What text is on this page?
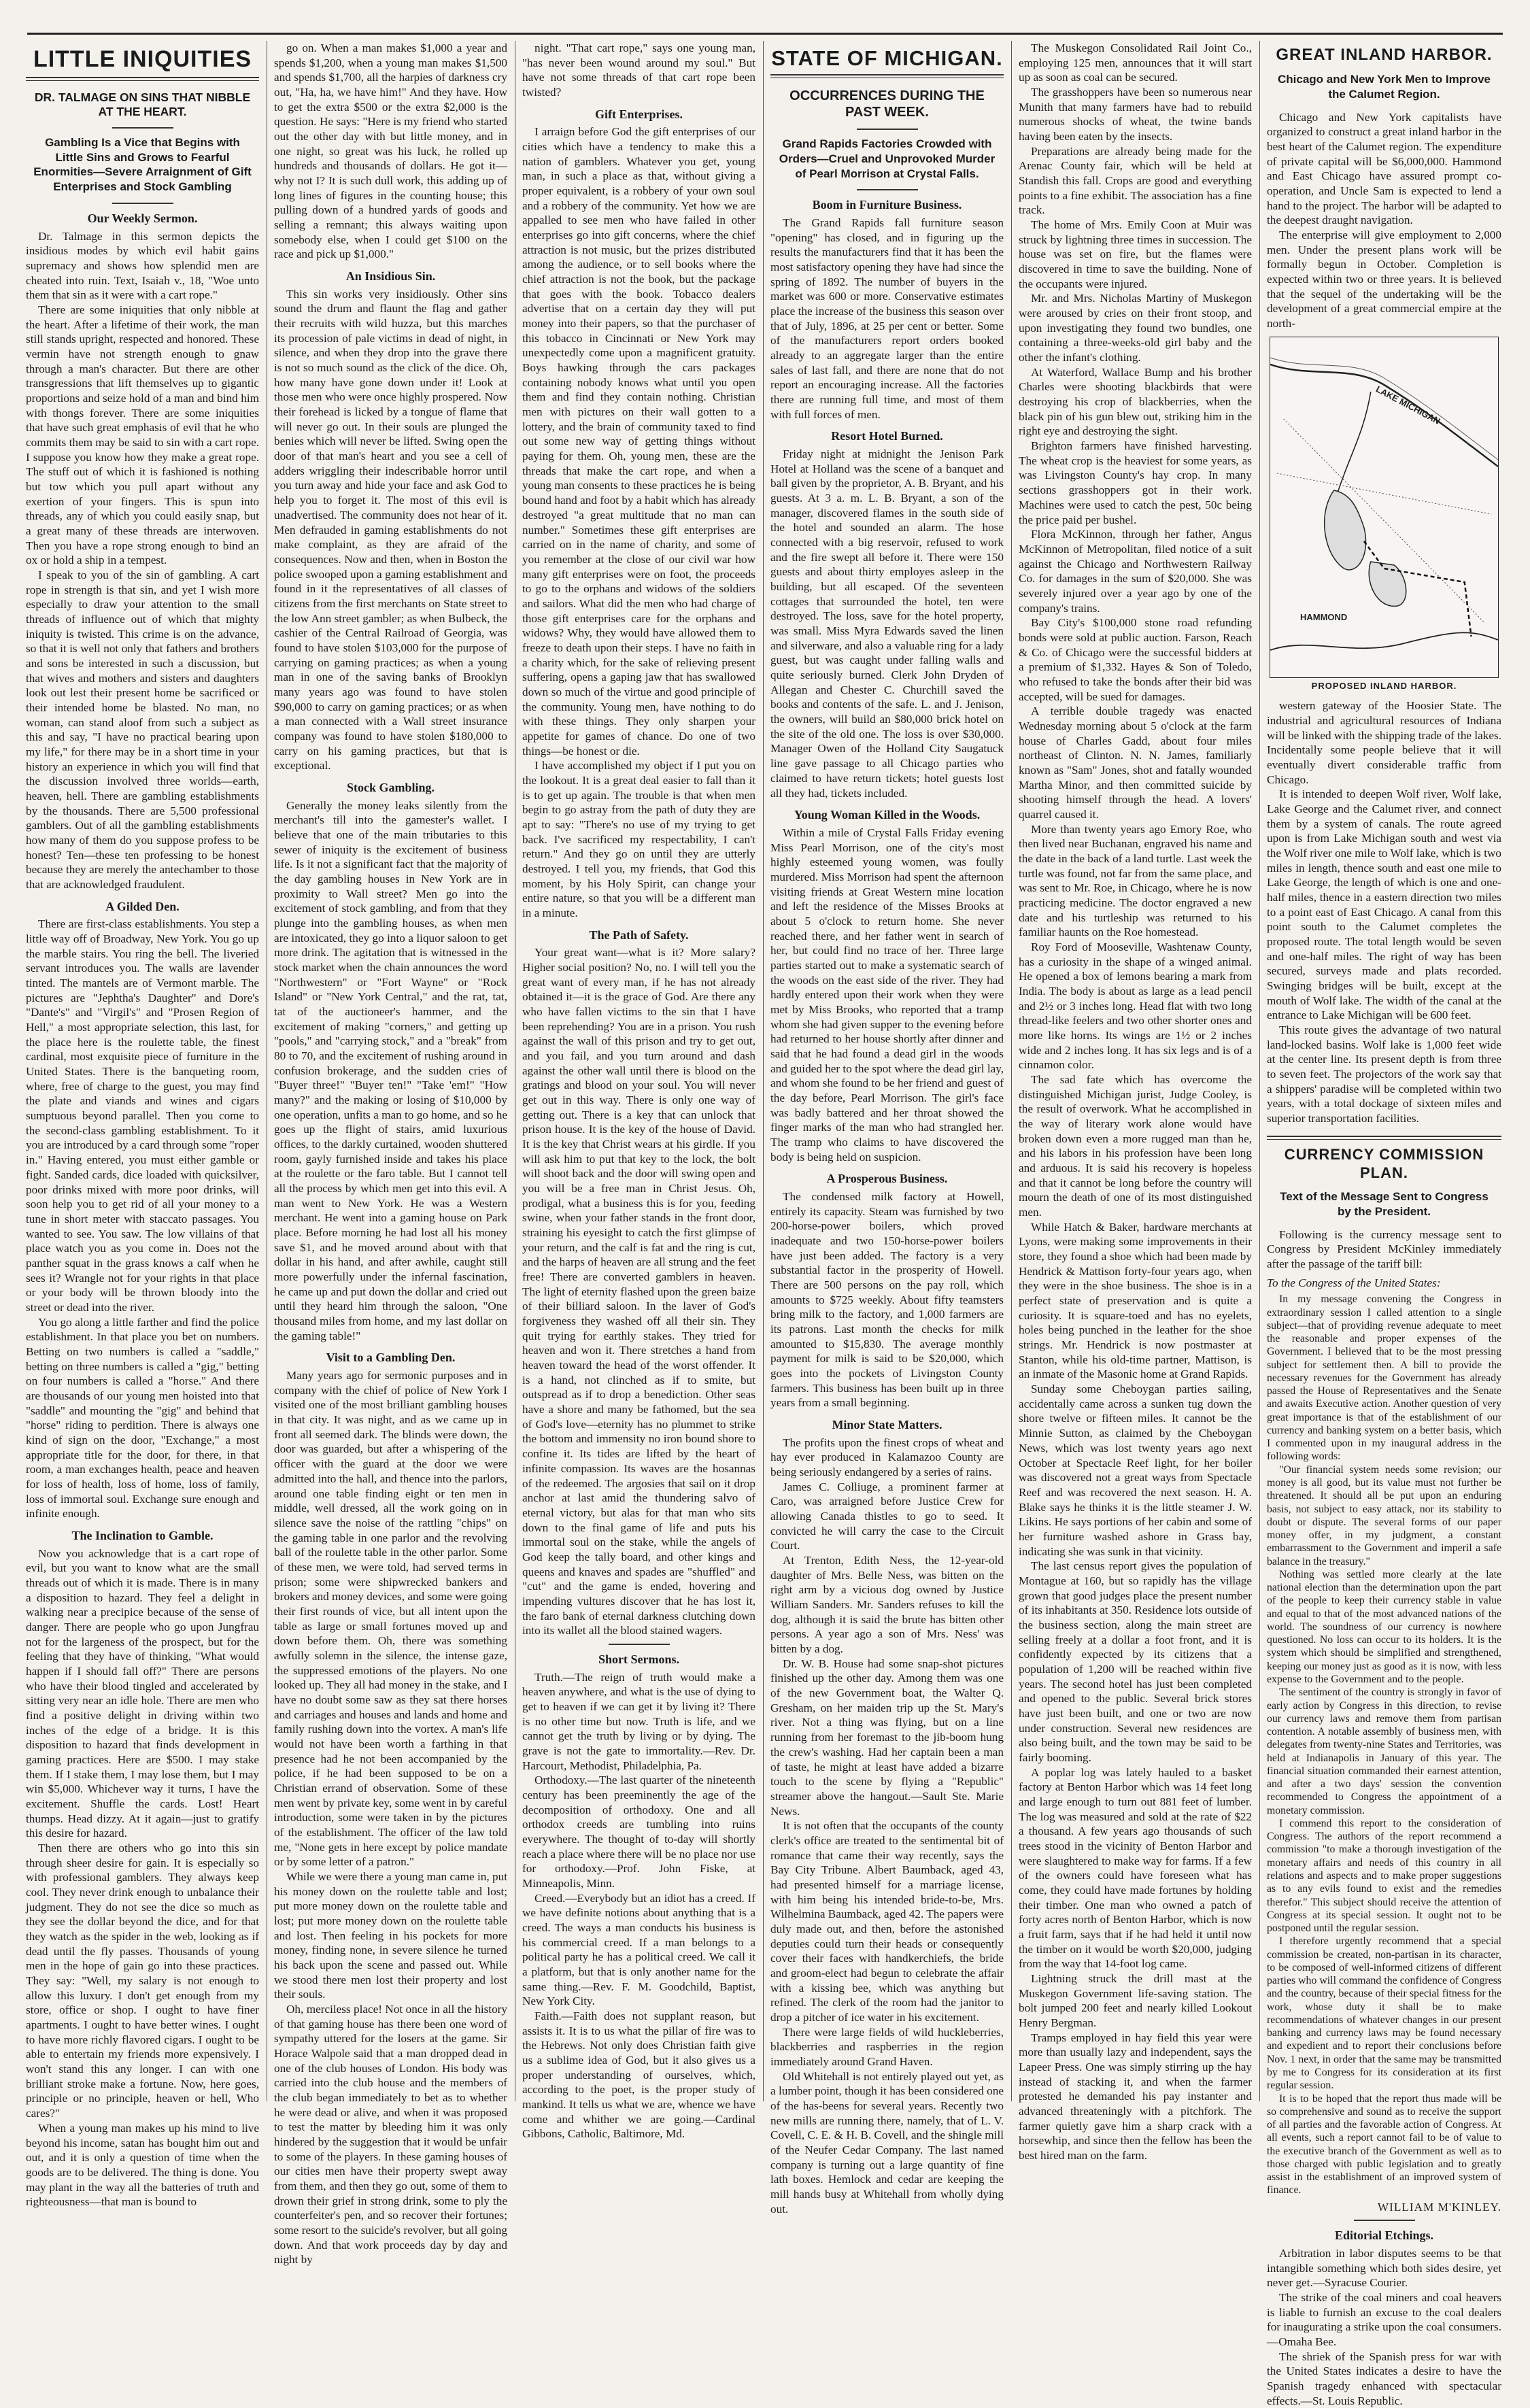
LITTLE INIQUITIES
DR. TALMAGE ON SINS THAT NIBBLE AT THE HEART.
Gambling Is a Vice that Begins with Little Sins and Grows to Fearful Enormities—Severe Arraignment of Gift Enterprises and Stock Gambling
Our Weekly Sermon.

Dr. Talmage in this sermon depicts the insidious modes by which evil habit gains supremacy and shows how splendid men are cheated into ruin. Text, Isaiah v., 18, "Woe unto them that sin as it were with a cart rope."

There are some iniquities that only nibble at the heart. After a lifetime of their work, the man still stands upright, respected and honored. These vermin have not strength enough to gnaw through a man's character. But there are other transgressions that lift themselves up to gigantic proportions and seize hold of a man and bind him with thongs forever. There are some iniquities that have such great emphasis of evil that he who commits them may be said to sin with a cart rope. I suppose you know how they make a great rope. The stuff out of which it is fashioned is nothing but tow which you pull apart without any exertion of your fingers. This is spun into threads, any of which you could easily snap, but a great many of these threads are interwoven. Then you have a rope strong enough to bind an ox or hold a ship in a tempest.

I speak to you of the sin of gambling. A cart rope in strength is that sin, and yet I wish more especially to draw your attention to the small threads of influence out of which that mighty iniquity is twisted. This crime is on the advance, so that it is well not only that fathers and brothers and sons be interested in such a discussion, but that wives and mothers and sisters and daughters look out lest their present home be sacrificed or their intended home be blasted. No man, no woman, can stand aloof from such a subject as this and say, "I have no practical bearing upon my life," for there may be in a short time in your history an experience in which you will find that the discussion involved three worlds—earth, heaven, hell. There are gambling establishments by the thousands. There are 5,500 professional gamblers. Out of all the gambling establishments how many of them do you suppose profess to be honest? Ten—these ten professing to be honest because they are merely the antechamber to those that are acknowledged fraudulent.

A Gilded Den.

There are first-class establishments. You step a little way off of Broadway, New York. You go up the marble stairs. You ring the bell. The liveried servant introduces you. The walls are lavender tinted. The mantels are of Vermont marble. The pictures are "Jephtha's Daughter" and Dore's "Dante's" and "Virgil's" and "Prosen Region of Hell," a most appropriate selection, this last, for the place here is the roulette table, the finest cardinal, most exquisite piece of furniture in the United States. There is the banqueting room, where, free of charge to the guest, you may find the plate and viands and wines and cigars sumptuous beyond parallel. Then you come to the second-class gambling establishment. To it you are introduced by a card through some "roper in." Having entered, you must either gamble or fight. Sanded cards, dice loaded with quicksilver, poor drinks mixed with more poor drinks, will soon help you to get rid of all your money to a tune in short meter with staccato passages. You wanted to see. You saw. The low villains of that place watch you as you come in. Does not the panther squat in the grass knows a calf when he sees it? Wrangle not for your rights in that place or your body will be thrown bloody into the street or dead into the river.

You go along a little farther and find the police establishment. In that place you bet on numbers. Betting on two numbers is called a "saddle," betting on three numbers is called a "gig," betting on four numbers is called a "horse." And there are thousands of our young men hoisted into that "saddle" and mounting the "gig" and behind that "horse" riding to perdition. There is always one kind of sign on the door, "Exchange," a most appropriate title for the door, for there, in that room, a man exchanges health, peace and heaven for loss of health, loss of home, loss of family, loss of immortal soul. Exchange sure enough and infinite enough.

The Inclination to Gamble.

Now you acknowledge that is a cart rope of evil, but you want to know what are the small threads out of which it is made. There is in many a disposition to hazard. They feel a delight in walking near a precipice because of the sense of danger. There are people who go upon Jungfrau not for the largeness of the prospect, but for the feeling that they have of thinking, "What would happen if I should fall off?" There are persons who have their blood tingled and accelerated by sitting very near an idle hole. There are men who find a positive delight in driving within two inches of the edge of a bridge. It is this disposition to hazard that finds development in gaming practices. Here are $500. I may stake them. If I stake them, I may lose them, but I may win $5,000. Whichever way it turns, I have the excitement. Shuffle the cards. Lost! Heart thumps. Head dizzy. At it again—just to gratify this desire for hazard.

Then there are others who go into this sin through sheer desire for gain. It is especially so with professional gamblers. They always keep cool. They never drink enough to unbalance their judgment. They do not see the dice so much as they see the dollar beyond the dice, and for that they watch as the spider in the web, looking as if dead until the fly passes. Thousands of young men in the hope of gain go into these practices. They say: "Well, my salary is not enough to allow this luxury. I don't get enough from my store, office or shop. I ought to have finer apartments. I ought to have better wines. I ought to have more richly flavored cigars. I ought to be able to entertain my friends more expensively. I won't stand this any longer. I can with one brilliant stroke make a fortune. Now, here goes, principle or no principle, heaven or hell, Who cares?"

When a young man makes up his mind to live beyond his income, satan has bought him out and out, and it is only a question of time when the goods are to be delivered. The thing is done. You may plant in the way all the batteries of truth and righteousness—that man is bound to

go on. When a man makes $1,000 a year and spends $1,200, when a young man makes $1,500 and spends $1,700, all the harpies of darkness cry out, "Ha, ha, we have him!" And they have. How to get the extra $500 or the extra $2,000 is the question. He says: "Here is my friend who started out the other day with but little money, and in one night, so great was his luck, he rolled up hundreds and thousands of dollars. He got it—why not I? It is such dull work, this adding up of long lines of figures in the counting house; this pulling down of a hundred yards of goods and selling a remnant; this always waiting upon somebody else, when I could get $100 on the race and pick up $1,000."

An Insidious Sin.

This sin works very insidiously. Other sins sound the drum and flaunt the flag and gather their recruits with wild huzza, but this marches its procession of pale victims in dead of night, in silence, and when they drop into the grave there is not so much sound as the click of the dice. Oh, how many have gone down under it! Look at those men who were once highly prospered. Now their forehead is licked by a tongue of flame that will never go out. In their souls are plunged the benies which will never be lifted. Swing open the door of that man's heart and you see a cell of adders wriggling their indescribable horror until you turn away and hide your face and ask God to help you to forget it. The most of this evil is unadvertised. The community does not hear of it. Men defrauded in gaming establishments do not make complaint, as they are afraid of the consequences. Now and then, when in Boston the police swooped upon a gaming establishment and found in it the representatives of all classes of citizens from the first merchants on State street to the low Ann street gambler; as when Bulbeck, the cashier of the Central Railroad of Georgia, was found to have stolen $103,000 for the purpose of carrying on gaming practices; as when a young man in one of the saving banks of Brooklyn many years ago was found to have stolen $90,000 to carry on gaming practices; or as when a man connected with a Wall street insurance company was found to have stolen $180,000 to carry on his gaming practices, but that is exceptional.

Stock Gambling.

Generally the money leaks silently from the merchant's till into the gamester's wallet. I believe that one of the main tributaries to this sewer of iniquity is the excitement of business life. Is it not a significant fact that the majority of the day gambling houses in New York are in proximity to Wall street? Men go into the excitement of stock gambling, and from that they plunge into the gambling houses, as when men are intoxicated, they go into a liquor saloon to get more drink. The agitation that is witnessed in the stock market when the chain announces the word "Northwestern" or "Fort Wayne" or "Rock Island" or "New York Central," and the rat, tat, tat of the auctioneer's hammer, and the excitement of making "corners," and getting up "pools," and "carrying stock," and a "break" from 80 to 70, and the excitement of rushing around in confusion brokerage, and the sudden cries of "Buyer three!" "Buyer ten!" "Take 'em!" "How many?" and the making or losing of $10,000 by one operation, unfits a man to go home, and so he goes up the flight of stairs, amid luxurious offices, to the darkly curtained, wooden shuttered room, gayly furnished inside and takes his place at the roulette or the faro table. But I cannot tell all the process by which men get into this evil. A man went to New York. He was a Western merchant. He went into a gaming house on Park place. Before morning he had lost all his money save $1, and he moved around about with that dollar in his hand, and after awhile, caught still more powerfully under the infernal fascination, he came up and put down the dollar and cried out until they heard him through the saloon, "One thousand miles from home, and my last dollar on the gaming table!"

Visit to a Gambling Den.

Many years ago for sermonic purposes and in company with the chief of police of New York I visited one of the most brilliant gambling houses in that city. It was night, and as we came up in front all seemed dark. The blinds were down, the door was guarded, but after a whispering of the officer with the guard at the door we were admitted into the hall, and thence into the parlors, around one table finding eight or ten men in middle, well dressed, all the work going on in silence save the noise of the rattling "chips" on the gaming table in one parlor and the revolving ball of the roulette table in the other parlor. Some of these men, we were told, had served terms in prison; some were shipwrecked bankers and brokers and money devices, and some were going their first rounds of vice, but all intent upon the table as large or small fortunes moved up and down before them. Oh, there was something awfully solemn in the silence, the intense gaze, the suppressed emotions of the players. No one looked up. They all had money in the stake, and I have no doubt some saw as they sat there horses and carriages and houses and lands and home and family rushing down into the vortex. A man's life would not have been worth a farthing in that presence had he not been accompanied by the police, if he had been supposed to be on a Christian errand of observation. Some of these men went by private key, some went in by careful introduction, some were taken in by the pictures of the establishment. The officer of the law told me, "None gets in here except by police mandate or by some letter of a patron."

While we were there a young man came in, put his money down on the roulette table and lost; put more money down on the roulette table and lost; put more money down on the roulette table and lost. Then feeling in his pockets for more money, finding none, in severe silence he turned his back upon the scene and passed out. While we stood there men lost their property and lost their souls.

Oh, merciless place! Not once in all the history of that gaming house has there been one word of sympathy uttered for the losers at the game. Sir Horace Walpole said that a man dropped dead in one of the club houses of London. His body was carried into the club house and the members of the club began immediately to bet as to whether he were dead or alive, and when it was proposed to test the matter by bleeding him it was only hindered by the suggestion that it would be unfair to some of the players. In these gaming houses of our cities men have their property swept away from them, and then they go out, some of them to drown their grief in strong drink, some to ply the counterfeiter's pen, and so recover their fortunes; some resort to the suicide's revolver, but all going down. And that work proceeds day by day and night by

night. "That cart rope," says one young man, "has never been wound around my soul." But have not some threads of that cart rope been twisted?

Gift Enterprises.

I arraign before God the gift enterprises of our cities which have a tendency to make this a nation of gamblers. Whatever you get, young man, in such a place as that, without giving a proper equivalent, is a robbery of your own soul and a robbery of the community. Yet how we are appalled to see men who have failed in other enterprises go into gift concerns, where the chief attraction is not music, but the prizes distributed among the audience, or to sell books where the chief attraction is not the book, but the package that goes with the book. Tobacco dealers advertise that on a certain day they will put money into their papers, so that the purchaser of this tobacco in Cincinnati or New York may unexpectedly come upon a magnificent gratuity. Boys hawking through the cars packages containing nobody knows what until you open them and find they contain nothing. Christian men with pictures on their wall gotten to a lottery, and the brain of community taxed to find out some new way of getting things without paying for them. Oh, young men, these are the threads that make the cart rope, and when a young man consents to these practices he is being bound hand and foot by a habit which has already destroyed "a great multitude that no man can number." Sometimes these gift enterprises are carried on in the name of charity, and some of you remember at the close of our civil war how many gift enterprises were on foot, the proceeds to go to the orphans and widows of the soldiers and sailors. What did the men who had charge of those gift enterprises care for the orphans and widows? Why, they would have allowed them to freeze to death upon their steps. I have no faith in a charity which, for the sake of relieving present suffering, opens a gaping jaw that has swallowed down so much of the virtue and good principle of the community. Young men, have nothing to do with these things. They only sharpen your appetite for games of chance. Do one of two things—be honest or die.

I have accomplished my object if I put you on the lookout. It is a great deal easier to fall than it is to get up again. The trouble is that when men begin to go astray from the path of duty they are apt to say: "There's no use of my trying to get back. I've sacrificed my respectability, I can't return." And they go on until they are utterly destroyed. I tell you, my friends, that God this moment, by his Holy Spirit, can change your entire nature, so that you will be a different man in a minute.

The Path of Safety.

Your great want—what is it? More salary? Higher social position? No, no. I will tell you the great want of every man, if he has not already obtained it—it is the grace of God. Are there any who have fallen victims to the sin that I have been reprehending? You are in a prison. You rush against the wall of this prison and try to get out, and you fail, and you turn around and dash against the other wall until there is blood on the gratings and blood on your soul. You will never get out in this way. There is only one way of getting out. There is a key that can unlock that prison house. It is the key of the house of David. It is the key that Christ wears at his girdle. If you will ask him to put that key to the lock, the bolt will shoot back and the door will swing open and you will be a free man in Christ Jesus. Oh, prodigal, what a business this is for you, feeding swine, when your father stands in the front door, straining his eyesight to catch the first glimpse of your return, and the calf is fat and the ring is cut, and the harps of heaven are all strung and the feet free! There are converted gamblers in heaven. The light of eternity flashed upon the green baize of their billiard saloon. In the laver of God's forgiveness they washed off all their sin. They quit trying for earthly stakes. They tried for heaven and won it. There stretches a hand from heaven toward the head of the worst offender. It is a hand, not clinched as if to smite, but outspread as if to drop a benediction. Other seas have a shore and many be fathomed, but the sea of God's love—eternity has no plummet to strike the bottom and immensity no iron bound shore to confine it. Its tides are lifted by the heart of infinite compassion. Its waves are the hosannas of the redeemed. The argosies that sail on it drop anchor at last amid the thundering salvo of eternal victory, but alas for that man who sits down to the final game of life and puts his immortal soul on the stake, while the angels of God keep the tally board, and other kings and queens and knaves and spades are "shuffled" and "cut" and the game is ended, hovering and impending vultures discover that he has lost it, the faro bank of eternal darkness clutching down into its wallet all the blood stained wagers.

Short Sermons.

Truth.—The reign of truth would make a heaven anywhere, and what is the use of dying to get to heaven if we can get it by living it? There is no other time but now. Truth is life, and we cannot get the truth by living or by dying. The grave is not the gate to immortality.—Rev. Dr. Harcourt, Methodist, Philadelphia, Pa.

Orthodoxy.—The last quarter of the nineteenth century has been preeminently the age of the decomposition of orthodoxy. One and all orthodox creeds are tumbling into ruins everywhere. The thought of to-day will shortly reach a place where there will be no place nor use for orthodoxy.—Prof. John Fiske, at Minneapolis, Minn.

Creed.—Everybody but an idiot has a creed. If we have definite notions about anything that is a creed. The ways a man conducts his business is his commercial creed. If a man belongs to a political party he has a political creed. We call it a platform, but that is only another name for the same thing.—Rev. F. M. Goodchild, Baptist, New York City.

Faith.—Faith does not supplant reason, but assists it. It is to us what the pillar of fire was to the Hebrews. Not only does Christian faith give us a sublime idea of God, but it also gives us a proper understanding of ourselves, which, according to the poet, is the proper study of mankind. It tells us what we are, whence we have come and whither we are going.—Cardinal Gibbons, Catholic, Baltimore, Md.

STATE OF MICHIGAN.
OCCURRENCES DURING THE PAST WEEK.
Grand Rapids Factories Crowded with Orders—Cruel and Unprovoked Murder of Pearl Morrison at Crystal Falls.
Boom in Furniture Business.

The Grand Rapids fall furniture season "opening" has closed, and in figuring up the results the manufacturers find that it has been the most satisfactory opening they have had since the spring of 1892. The number of buyers in the market was 600 or more. Conservative estimates place the increase of the business this season over that of July, 1896, at 25 per cent or better. Some of the manufacturers report orders booked already to an aggregate larger than the entire sales of last fall, and there are none that do not report an encouraging increase. All the factories there are running full time, and most of them with full forces of men.

Resort Hotel Burned.

Friday night at midnight the Jenison Park Hotel at Holland was the scene of a banquet and ball given by the proprietor, A. B. Bryant, and his guests. At 3 a. m. L. B. Bryant, a son of the manager, discovered flames in the south side of the hotel and sounded an alarm. The hose connected with a big reservoir, refused to work and the fire swept all before it. There were 150 guests and about thirty employes asleep in the building, but all escaped. Of the seventeen cottages that surrounded the hotel, ten were destroyed. The loss, save for the hotel property, was small. Miss Myra Edwards saved the linen and silverware, and also a valuable ring for a lady guest, but was caught under falling walls and quite seriously burned. Clerk John Dryden of Allegan and Chester C. Churchill saved the books and contents of the safe. L. and J. Jenison, the owners, will build an $80,000 brick hotel on the site of the old one. The loss is over $30,000. Manager Owen of the Holland City Saugatuck line gave passage to all Chicago parties who claimed to have return tickets; hotel guests lost all they had, tickets included.

Young Woman Killed in the Woods.

Within a mile of Crystal Falls Friday evening Miss Pearl Morrison, one of the city's most highly esteemed young women, was foully murdered. Miss Morrison had spent the afternoon visiting friends at Great Western mine location and left the residence of the Misses Brooks at about 5 o'clock to return home. She never reached there, and her father went in search of her, but could find no trace of her. Three large parties started out to make a systematic search of the woods on the east side of the river. They had hardly entered upon their work when they were met by Miss Brooks, who reported that a tramp whom she had given supper to the evening before had returned to her house shortly after dinner and said that he had found a dead girl in the woods and guided her to the spot where the dead girl lay, and whom she found to be her friend and guest of the day before, Pearl Morrison. The girl's face was badly battered and her throat showed the finger marks of the man who had strangled her. The tramp who claims to have discovered the body is being held on suspicion.

A Prosperous Business.

The condensed milk factory at Howell, entirely its capacity. Steam was furnished by two 200-horse-power boilers, which proved inadequate and two 150-horse-power boilers have just been added. The factory is a very substantial factor in the prosperity of Howell. There are 500 persons on the pay roll, which amounts to $725 weekly. About fifty teamsters bring milk to the factory, and 1,000 farmers are its patrons. Last month the checks for milk amounted to $15,830. The average monthly payment for milk is said to be $20,000, which goes into the pockets of Livingston County farmers. This business has been built up in three years from a small beginning.

Minor State Matters.

The profits upon the finest crops of wheat and hay ever produced in Kalamazoo County are being seriously endangered by a series of rains.

James C. Colliuge, a prominent farmer at Caro, was arraigned before Justice Crew for allowing Canada thistles to go to seed. It convicted he will carry the case to the Circuit Court.

At Trenton, Edith Ness, the 12-year-old daughter of Mrs. Belle Ness, was bitten on the right arm by a vicious dog owned by Justice William Sanders. Mr. Sanders refuses to kill the dog, although it is said the brute has bitten other persons. A year ago a son of Mrs. Ness' was bitten by a dog.

Dr. W. B. House had some snap-shot pictures finished up the other day. Among them was one of the new Government boat, the Walter Q. Gresham, on her maiden trip up the St. Mary's river. Not a thing was flying, but on a line running from her foremast to the jib-boom hung the crew's washing. Had her captain been a man of taste, he might at least have added a bizarre touch to the scene by flying a "Republic" streamer above the hangout.—Sault Ste. Marie News.

It is not often that the occupants of the county clerk's office are treated to the sentimental bit of romance that came their way recently, says the Bay City Tribune. Albert Baumback, aged 43, had presented himself for a marriage license, with him being his intended bride-to-be, Mrs. Wilhelmina Baumback, aged 42. The papers were duly made out, and then, before the astonished deputies could turn their heads or consequently cover their faces with handkerchiefs, the bride and groom-elect had begun to celebrate the affair with a kissing bee, which was anything but refined. The clerk of the room had the janitor to drop a pitcher of ice water in his excitement.

There were large fields of wild huckleberries, blackberries and raspberries in the region immediately around Grand Haven.

Old Whitehall is not entirely played out yet, as a lumber point, though it has been considered one of the has-beens for several years. Recently two new mills are running there, namely, that of L. V. Covell, C. E. & H. B. Covell, and the shingle mill of the Neufer Cedar Company. The last named company is turning out a large quantity of fine lath boxes. Hemlock and cedar are keeping the mill hands busy at Whitehall from wholly dying out.

The Muskegon Consolidated Rail Joint Co., employing 125 men, announces that it will start up as soon as coal can be secured.

The grasshoppers have been so numerous near Munith that many farmers have had to rebuild numerous shocks of wheat, the twine bands having been eaten by the insects.

Preparations are already being made for the Arenac County fair, which will be held at Standish this fall. Crops are good and everything points to a fine exhibit. The association has a fine track.

The home of Mrs. Emily Coon at Muir was struck by lightning three times in succession. The house was set on fire, but the flames were discovered in time to save the building. None of the occupants were injured.

Mr. and Mrs. Nicholas Martiny of Muskegon were aroused by cries on their front stoop, and upon investigating they found two bundles, one containing a three-weeks-old girl baby and the other the infant's clothing.

At Waterford, Wallace Bump and his brother Charles were shooting blackbirds that were destroying his crop of blackberries, when the black pin of his gun blew out, striking him in the right eye and destroying the sight.

Brighton farmers have finished harvesting. The wheat crop is the heaviest for some years, as was Livingston County's hay crop. In many sections grasshoppers got in their work. Machines were used to catch the pest, 50c being the price paid per bushel.

Flora McKinnon, through her father, Angus McKinnon of Metropolitan, filed notice of a suit against the Chicago and Northwestern Railway Co. for damages in the sum of $20,000. She was severely injured over a year ago by one of the company's trains.

Bay City's $100,000 stone road refunding bonds were sold at public auction. Farson, Reach & Co. of Chicago were the successful bidders at a premium of $1,332. Hayes & Son of Toledo, who refused to take the bonds after their bid was accepted, will be sued for damages.

A terrible double tragedy was enacted Wednesday morning about 5 o'clock at the farm house of Charles Gadd, about four miles northeast of Clinton. N. N. James, familiarly known as "Sam" Jones, shot and fatally wounded Martha Minor, and then committed suicide by shooting himself through the head. A lovers' quarrel caused it.

More than twenty years ago Emory Roe, who then lived near Buchanan, engraved his name and the date in the back of a land turtle. Last week the turtle was found, not far from the same place, and was sent to Mr. Roe, in Chicago, where he is now practicing medicine. The doctor engraved a new date and his turtleship was returned to his familiar haunts on the Roe homestead.

Roy Ford of Mooseville, Washtenaw County, has a curiosity in the shape of a winged animal. He opened a box of lemons bearing a mark from India. The body is about as large as a lead pencil and 2½ or 3 inches long. Head flat with two long thread-like feelers and two other shorter ones and more like horns. Its wings are 1½ or 2 inches wide and 2 inches long. It has six legs and is of a cinnamon color.

The sad fate which has overcome the distinguished Michigan jurist, Judge Cooley, is the result of overwork. What he accomplished in the way of literary work alone would have broken down even a more rugged man than he, and his labors in his profession have been long and arduous. It is said his recovery is hopeless and that it cannot be long before the country will mourn the death of one of its most distinguished men.

While Hatch & Baker, hardware merchants at Lyons, were making some improvements in their store, they found a shoe which had been made by Hendrick & Mattison forty-four years ago, when they were in the shoe business. The shoe is in a perfect state of preservation and is quite a curiosity. It is square-toed and has no eyelets, holes being punched in the leather for the shoe strings. Mr. Hendrick is now postmaster at Stanton, while his old-time partner, Mattison, is an inmate of the Masonic home at Grand Rapids.

Sunday some Cheboygan parties sailing, accidentally came across a sunken tug down the shore twelve or fifteen miles. It cannot be the Minnie Sutton, as claimed by the Cheboygan News, which was lost twenty years ago next October at Spectacle Reef light, for her boiler was discovered not a great ways from Spectacle Reef and was recovered the next season. H. A. Blake says he thinks it is the little steamer J. W. Likins. He says portions of her cabin and some of her furniture washed ashore in Grass bay, indicating she was sunk in that vicinity.

The last census report gives the population of Montague at 160, but so rapidly has the village grown that good judges place the present number of its inhabitants at 350. Residence lots outside of the business section, along the main street are selling freely at a dollar a foot front, and it is confidently expected by its citizens that a population of 1,200 will be reached within five years. The second hotel has just been completed and opened to the public. Several brick stores have just been built, and one or two are now under construction. Several new residences are also being built, and the town may be said to be fairly booming.

A poplar log was lately hauled to a basket factory at Benton Harbor which was 14 feet long and large enough to turn out 881 feet of lumber. The log was measured and sold at the rate of $22 a thousand. A few years ago thousands of such trees stood in the vicinity of Benton Harbor and were slaughtered to make way for farms. If a few of the owners could have foreseen what has come, they could have made fortunes by holding their timber. One man who owned a patch of forty acres north of Benton Harbor, which is now a fruit farm, says that if he had held it until now the timber on it would be worth $20,000, judging from the way that 14-foot log came.

Lightning struck the drill mast at the Muskegon Government life-saving station. The bolt jumped 200 feet and nearly killed Lookout Henry Bergman.

Tramps employed in hay field this year were more than usually lazy and independent, says the Lapeer Press. One was simply stirring up the hay instead of stacking it, and when the farmer protested he demanded his pay instanter and advanced threateningly with a pitchfork. The farmer quietly gave him a sharp crack with a horsewhip, and since then the fellow has been the best hired man on the farm.

GREAT INLAND HARBOR.
Chicago and New York Men to Improve the Calumet Region.

Chicago and New York capitalists have organized to construct a great inland harbor in the best heart of the Calumet region. The expenditure of private capital will be $6,000,000. Hammond and East Chicago have assured prompt co-operation, and Uncle Sam is expected to lend a hand to the project. The harbor will be adapted to the deepest draught navigation.

The enterprise will give employment to 2,000 men. Under the present plans work will be formally begun in October. Completion is expected within two or three years. It is believed that the sequel of the undertaking will be the development of a great commercial empire at the north-

LAKE MICHIGAN
HAMMOND
PROPOSED INLAND HARBOR.

western gateway of the Hoosier State. The industrial and agricultural resources of Indiana will be linked with the shipping trade of the lakes. Incidentally some people believe that it will eventually divert considerable traffic from Chicago.

It is intended to deepen Wolf river, Wolf lake, Lake George and the Calumet river, and connect them by a system of canals. The route agreed upon is from Lake Michigan south and west via the Wolf river one mile to Wolf lake, which is two miles in length, thence south and east one mile to Lake George, the length of which is one and one-half miles, thence in a eastern direction two miles to a point east of East Chicago. A canal from this point south to the Calumet completes the proposed route. The total length would be seven and one-half miles. The right of way has been secured, surveys made and plats recorded. Swinging bridges will be built, except at the mouth of Wolf lake. The width of the canal at the entrance to Lake Michigan will be 600 feet.

This route gives the advantage of two natural land-locked basins. Wolf lake is 1,000 feet wide at the center line. Its present depth is from three to seven feet. The projectors of the work say that a shippers' paradise will be completed within two years, with a total dockage of sixteen miles and superior transportation facilities.

CURRENCY COMMISSION PLAN.
Text of the Message Sent to Congress by the President.

Following is the currency message sent to Congress by President McKinley immediately after the passage of the tariff bill:

To the Congress of the United States:

In my message convening the Congress in extraordinary session I called attention to a single subject—that of providing revenue adequate to meet the reasonable and proper expenses of the Government. I believed that to be the most pressing subject for settlement then. A bill to provide the necessary revenues for the Government has already passed the House of Representatives and the Senate and awaits Executive action. Another question of very great importance is that of the establishment of our currency and banking system on a better basis, which I commented upon in my inaugural address in the following words:

"Our financial system needs some revision; our money is all good, but its value must not further be threatened. It should all be put upon an enduring basis, not subject to easy attack, nor its stability to doubt or dispute. The several forms of our paper money offer, in my judgment, a constant embarrassment to the Government and imperil a safe balance in the treasury."

Nothing was settled more clearly at the late national election than the determination upon the part of the people to keep their currency stable in value and equal to that of the most advanced nations of the world. The soundness of our currency is nowhere questioned. No loss can occur to its holders. It is the system which should be simplified and strengthened, keeping our money just as good as it is now, with less expense to the Government and to the people.

The sentiment of the country is strongly in favor of early action by Congress in this direction, to revise our currency laws and remove them from partisan contention. A notable assembly of business men, with delegates from twenty-nine States and Territories, was held at Indianapolis in January of this year. The financial situation commanded their earnest attention, and after a two days' session the convention recommended to Congress the appointment of a monetary commission.

I commend this report to the consideration of Congress. The authors of the report recommend a commission "to make a thorough investigation of the monetary affairs and needs of this country in all relations and aspects and to make proper suggestions as to any evils found to exist and the remedies therefor." This subject should receive the attention of Congress at its special session. It ought not to be postponed until the regular session.

I therefore urgently recommend that a special commission be created, non-partisan in its character, to be composed of well-informed citizens of different parties who will command the confidence of Congress and the country, because of their special fitness for the work, whose duty it shall be to make recommendations of whatever changes in our present banking and currency laws may be found necessary and expedient and to report their conclusions before Nov. 1 next, in order that the same may be transmitted by me to Congress for its consideration at its first regular session.

It is to be hoped that the report thus made will be so comprehensive and sound as to receive the support of all parties and the favorable action of Congress. At all events, such a report cannot fail to be of value to the executive branch of the Government as well as to those charged with public legislation and to greatly assist in the establishment of an improved system of finance.

WILLIAM M'KINLEY.
Editorial Etchings.

Arbitration in labor disputes seems to be that intangible something which both sides desire, yet never get.—Syracuse Courier.

The strike of the coal miners and coal heavers is liable to furnish an excuse to the coal dealers for inaugurating a strike upon the coal consumers.—Omaha Bee.

The shriek of the Spanish press for war with the United States indicates a desire to have the Spanish tragedy enhanced with spectacular effects.—St. Louis Republic.
